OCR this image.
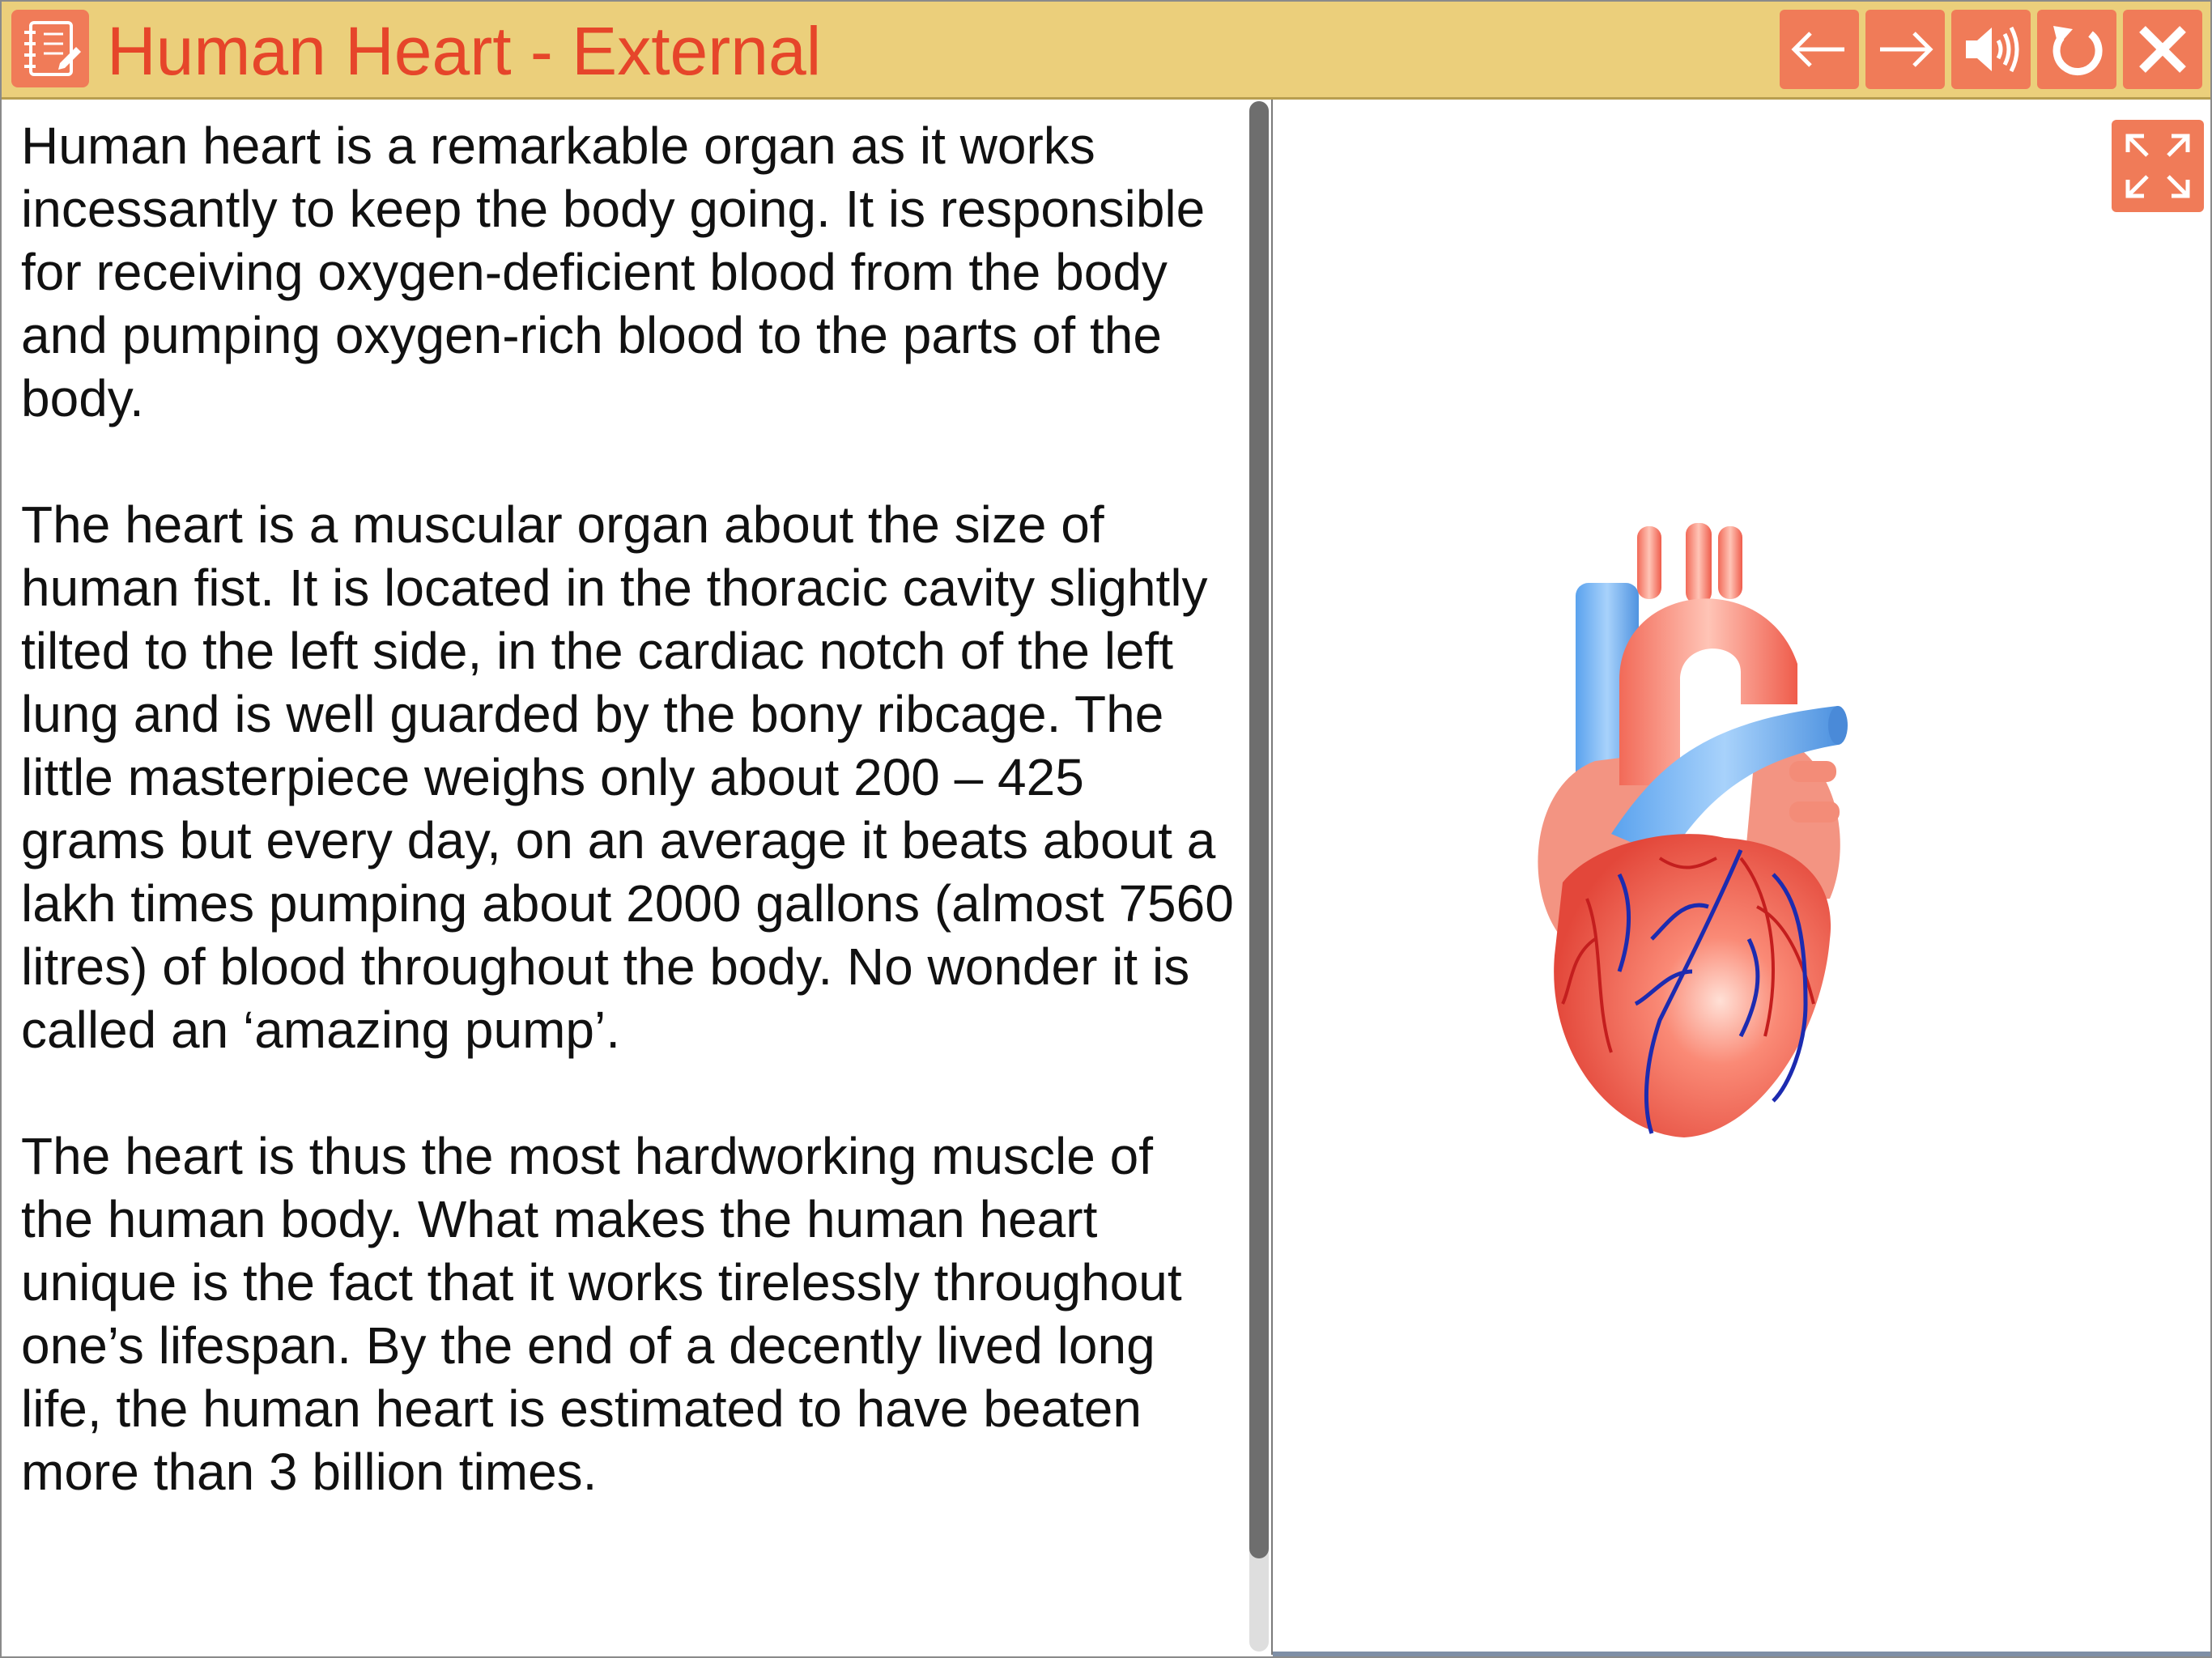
Human Heart - External

Human heart is a remarkable organ as it works incessantly to keep the body going. It is responsible for receiving oxygen-deficient blood from the body and pumping oxygen-rich blood to the parts of the body.

The heart is a muscular organ about the size of human fist. It is located in the thoracic cavity slightly tilted to the left side, in the cardiac notch of the left lung and is well guarded by the bony ribcage. The little masterpiece weighs only about 200 – 425 grams but every day, on an average it beats about a lakh times pumping about 2000 gallons (almost 7560 litres) of blood throughout the body. No wonder it is called an ‘amazing pump’.

The heart is thus the most hardworking muscle of the human body. What makes the human heart unique is the fact that it works tirelessly throughout one’s lifespan. By the end of a decently lived long life, the human heart is estimated to have beaten more than 3 billion times.
